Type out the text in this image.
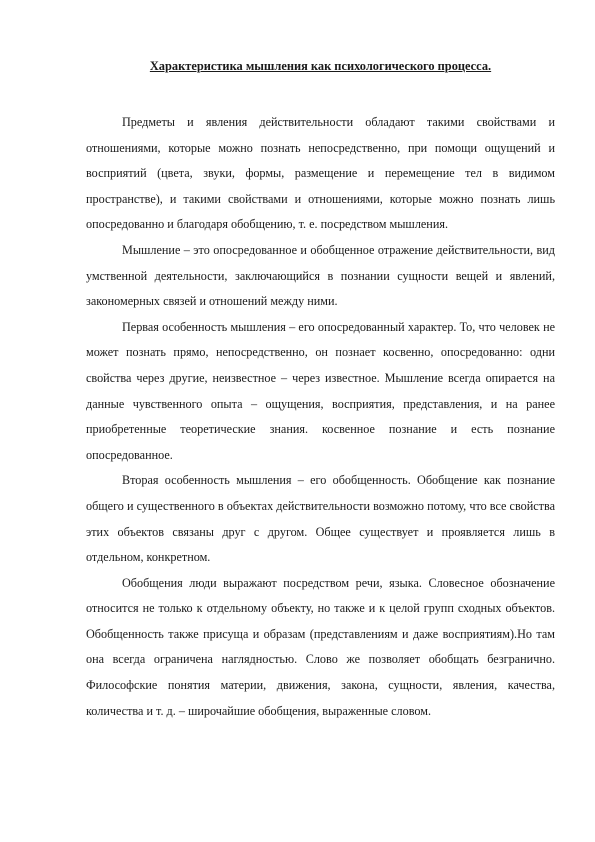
Характеристика мышления как психологического процесса.

Предметы и явления действительности обладают такими свойствами и отношениями, которые можно познать непосредственно, при помощи ощущений и восприятий (цвета, звуки, формы, размещение и перемещение тел в видимом пространстве), и такими свойствами и отношениями, которые можно познать лишь опосредованно и благодаря обобщению, т. е. посредством мышления.

Мышление – это опосредованное и обобщенное отражение действительности, вид умственной деятельности, заключающийся в познании сущности вещей и явлений, закономерных связей и отношений между ними.

Первая особенность мышления – его опосредованный характер. То, что человек не может познать прямо, непосредственно, он познает косвенно, опосредованно: одни свойства через другие, неизвестное – через известное. Мышление всегда опирается на данные чувственного опыта – ощущения, восприятия, представления, и на ранее приобретенные теоретические знания. косвенное познание и есть познание опосредованное.

Вторая особенность мышления – его обобщенность. Обобщение как познание общего и существенного в объектах действительности возможно потому, что все свойства этих объектов связаны друг с другом. Общее существует и проявляется лишь в отдельном, конкретном.

Обобщения люди выражают посредством речи, языка. Словесное обозначение относится не только к отдельному объекту, но также и к целой групп сходных объектов. Обобщенность также присуща и образам (представлениям и даже восприятиям).Но там она всегда ограничена наглядностью. Слово же позволяет обобщать безгранично. Философские понятия материи, движения, закона, сущности, явления, качества, количества и т. д. – широчайшие обобщения, выраженные словом.
